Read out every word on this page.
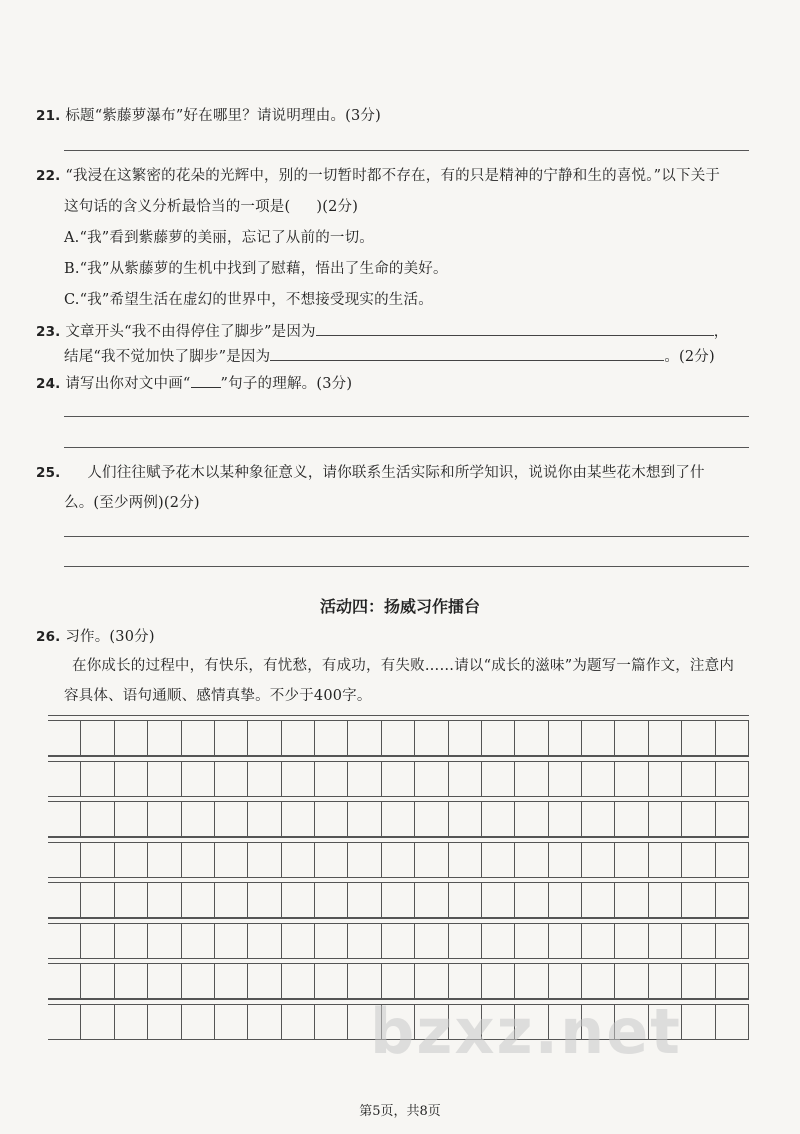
21. 标题“紫藤萝瀑布”好在哪里？请说明理由。(3分)
22. “我浸在这繁密的花朵的光辉中，别的一切暂时都不存在，有的只是精神的宁静和生的喜悦。”以下关于
这句话的含义分析最恰当的一项是( )(2分)
A.“我”看到紫藤萝的美丽，忘记了从前的一切。
B.“我”从紫藤萝的生机中找到了慰藉，悟出了生命的美好。
C.“我”希望生活在虚幻的世界中，不想接受现实的生活。
23. 文章开头“我不由得停住了脚步”是因为	，
结尾“我不觉加快了脚步”是因为	。(2分)
24. 请写出你对文中画“ ”句子的理解。(3分)
25. 人们往往赋予花木以某种象征意义，请你联系生活实际和所学知识，说说你由某些花木想到了什
么。(至少两例)(2分)
活动四：扬威习作擂台
26. 习作。(30分)
在你成长的过程中，有快乐，有忧愁，有成功，有失败……请以“成长的滋味”为题写一篇作文，注意内
容具体、语句通顺、感情真挚。不少于400字。
bzxz.net
第5页，共8页
